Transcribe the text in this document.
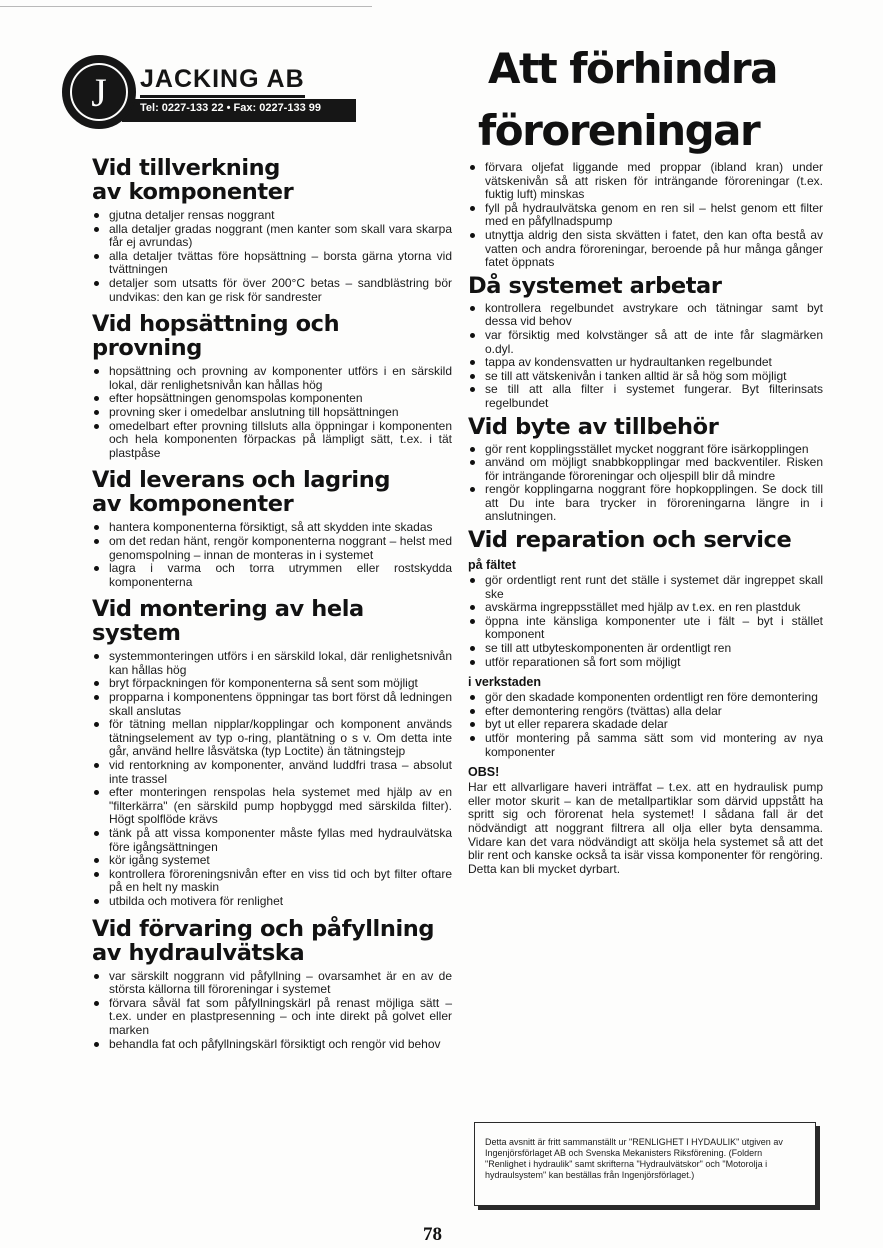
J	JACKING AB
Tel: 0227-133 22 • Fax: 0227-133 99
Att förhindra
föroreningar
Vid tillverkning
av komponenter
gjutna detaljer rensas noggrant
alla detaljer gradas noggrant (men kanter som skall vara skarpa får ej avrundas)
alla detaljer tvättas före hopsättning – borsta gärna ytorna vid tvättningen
detaljer som utsatts för över 200°C betas – sandblästring bör undvikas: den kan ge risk för sandrester
Vid hopsättning och provning
hopsättning och provning av komponenter utförs i en särskild lokal, där renlighetsnivån kan hållas hög
efter hopsättningen genomspolas komponenten
provning sker i omedelbar anslutning till hopsättningen
omedelbart efter provning tillsluts alla öppningar i komponenten och hela komponenten förpackas på lämpligt sätt, t.ex. i tät plastpåse
Vid leverans och lagring
av komponenter
hantera komponenterna försiktigt, så att skydden inte skadas
om det redan hänt, rengör komponenterna noggrant – helst med genomspolning – innan de monteras in i systemet
lagra i varma och torra utrymmen eller rostskydda komponenterna
Vid montering av hela system
systemmonteringen utförs i en särskild lokal, där renlighetsnivån kan hållas hög
bryt förpackningen för komponenterna så sent som möjligt
propparna i komponentens öppningar tas bort först då ledningen skall anslutas
för tätning mellan nipplar/kopplingar och komponent används tätningselement av typ o-ring, plantätning o s v. Om detta inte går, använd hellre låsvätska (typ Loctite) än tätningstejp
vid rentorkning av komponenter, använd luddfri trasa – absolut inte trassel
efter monteringen renspolas hela systemet med hjälp av en "filterkärra" (en särskild pump hopbyggd med särskilda filter). Högt spolflöde krävs
tänk på att vissa komponenter måste fyllas med hydraulvätska före igångsättningen
kör igång systemet
kontrollera föroreningsnivån efter en viss tid och byt filter oftare på en helt ny maskin
utbilda och motivera för renlighet
Vid förvaring och påfyllning
av hydraulvätska
var särskilt noggrann vid påfyllning – ovarsamhet är en av de största källorna till föroreningar i systemet
förvara såväl fat som påfyllningskärl på renast möjliga sätt – t.ex. under en plastpresenning – och inte direkt på golvet eller marken
behandla fat och påfyllningskärl försiktigt och rengör vid behov
förvara oljefat liggande med proppar (ibland kran) under vätskenivån så att risken för inträngande föroreningar (t.ex. fuktig luft) minskas
fyll på hydraulvätska genom en ren sil – helst genom ett filter med en påfyllnadspump
utnyttja aldrig den sista skvätten i fatet, den kan ofta bestå av vatten och andra föroreningar, beroende på hur många gånger fatet öppnats
Då systemet arbetar
kontrollera regelbundet avstrykare och tätningar samt byt dessa vid behov
var försiktig med kolvstänger så att de inte får slagmärken o.dyl.
tappa av kondensvatten ur hydraultanken regelbundet
se till att vätskenivån i tanken alltid är så hög som möjligt
se till att alla filter i systemet fungerar. Byt filterinsats regelbundet
Vid byte av tillbehör
gör rent kopplingsstället mycket noggrant före isärkopplingen
använd om möjligt snabbkopplingar med backventiler. Risken för inträngande föroreningar och oljespill blir då mindre
rengör kopplingarna noggrant före hopkopplingen. Se dock till att Du inte bara trycker in föroreningarna längre in i anslutningen.
Vid reparation och service
på fältet
gör ordentligt rent runt det ställe i systemet där ingreppet skall ske
avskärma ingreppsstället med hjälp av t.ex. en ren plastduk
öppna inte känsliga komponenter ute i fält – byt i stället komponent
se till att utbyteskomponenten är ordentligt ren
utför reparationen så fort som möjligt
i verkstaden
gör den skadade komponenten ordentligt ren före demontering
efter demontering rengörs (tvättas) alla delar
byt ut eller reparera skadade delar
utför montering på samma sätt som vid montering av nya komponenter
OBS!

Har ett allvarligare haveri inträffat – t.ex. att en hydraulisk pump eller motor skurit – kan de metallpartiklar som därvid uppstått ha spritt sig och förorenat hela systemet! I sådana fall är det nödvändigt att noggrant filtrera all olja eller byta densamma. Vidare kan det vara nödvändigt att skölja hela systemet så att det blir rent och kanske också ta isär vissa komponenter för rengöring. Detta kan bli mycket dyrbart.

Detta avsnitt är fritt sammanställt ur "RENLIGHET I HYDAULIK" utgiven av Ingenjörsförlaget AB och Svenska Mekanisters Riksförening. (Foldern "Renlighet i hydraulik" samt skrifterna "Hydraulvätskor" och "Motorolja i hydraulsystem" kan beställas från Ingenjörsförlaget.)
78
